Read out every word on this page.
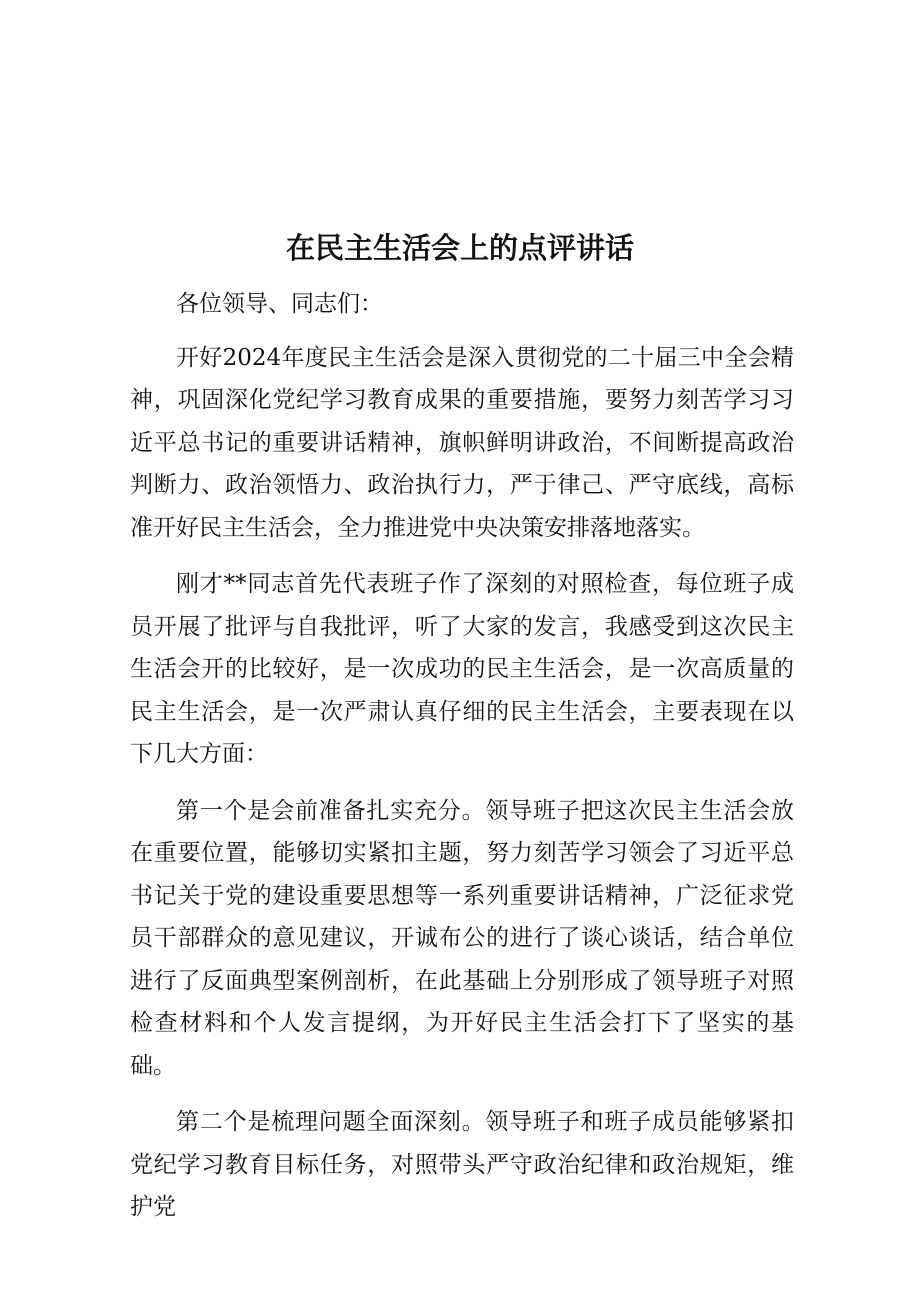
在民主生活会上的点评讲话

各位领导、同志们：

开好2024年度民主生活会是深入贯彻党的二十届三中全会精神，巩固深化党纪学习教育成果的重要措施，要努力刻苦学习习近平总书记的重要讲话精神，旗帜鲜明讲政治，不间断提高政治判断力、政治领悟力、政治执行力，严于律己、严守底线，高标准开好民主生活会，全力推进党中央决策安排落地落实。

刚才**同志首先代表班子作了深刻的对照检查，每位班子成员开展了批评与自我批评，听了大家的发言，我感受到这次民主生活会开的比较好，是一次成功的民主生活会，是一次高质量的民主生活会，是一次严肃认真仔细的民主生活会，主要表现在以下几大方面：

第一个是会前准备扎实充分。领导班子把这次民主生活会放在重要位置，能够切实紧扣主题，努力刻苦学习领会了习近平总书记关于党的建设重要思想等一系列重要讲话精神，广泛征求党员干部群众的意见建议，开诚布公的进行了谈心谈话，结合单位进行了反面典型案例剖析，在此基础上分别形成了领导班子对照检查材料和个人发言提纲，为开好民主生活会打下了坚实的基础。

第二个是梳理问题全面深刻。领导班子和班子成员能够紧扣党纪学习教育目标任务，对照带头严守政治纪律和政治规矩，维护党
